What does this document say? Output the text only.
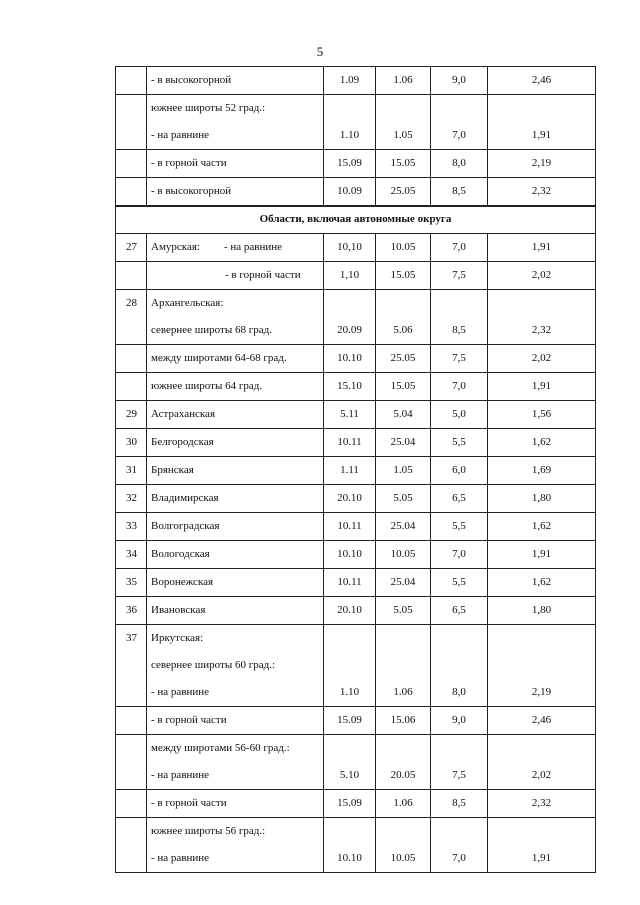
5
	- в высокогорной	1.09	1.06	9,0	2,46
	южнее широты 52 град.:				
	- на равнине	1.10	1.05	7,0	1,91
	- в горной части	15.09	15.05	8,0	2,19
	- в высокогорной	10.09	25.05	8,5	2,32
Области, включая автономные округа					
27	Амурская: - на равнине	10,10	10.05	7,0	1,91
	- в горной части	1,10	15.05	7,5	2,02
28	Архангельская:				
	севернее широты 68 град.	20.09	5.06	8,5	2,32
	между широтами 64-68 град.	10.10	25.05	7,5	2,02
	южнее широты 64 град.	15.10	15.05	7,0	1,91
29	Астраханская	5.11	5.04	5,0	1,56
30	Белгородская	10.11	25.04	5,5	1,62
31	Брянская	1.11	1.05	6,0	1,69
32	Владимирская	20.10	5.05	6,5	1,80
33	Волгоградская	10.11	25.04	5,5	1,62
34	Вологодская	10.10	10.05	7,0	1,91
35	Воронежская	10.11	25.04	5,5	1,62
36	Ивановская	20.10	5.05	6,5	1,80
37	Иркутская:				
	севернее широты 60 град.:				
	- на равнине	1.10	1.06	8,0	2,19
	- в горной части	15.09	15.06	9,0	2,46
	между широтами 56-60 град.:				
	- на равнине	5.10	20.05	7,5	2,02
	- в горной части	15.09	1.06	8,5	2,32
	южнее широты 56 град.:				
	- на равнине	10.10	10.05	7,0	1,91
